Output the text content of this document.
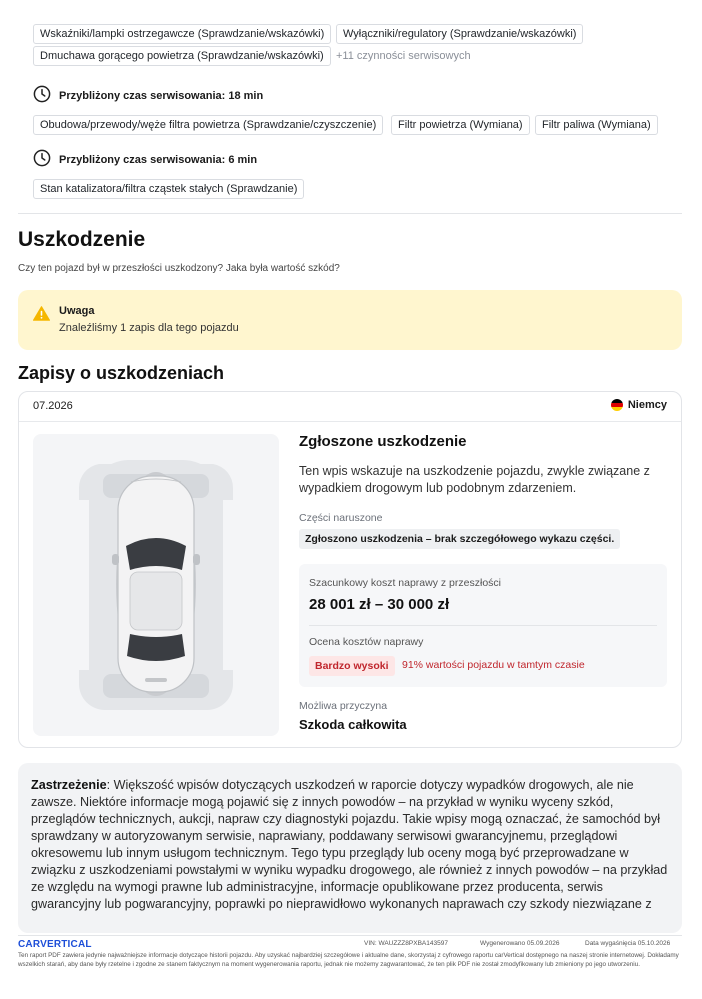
Wskaźniki/lampki ostrzegawcze (Sprawdzanie/wskazówki)	Wyłączniki/regulatory (Sprawdzanie/wskazówki)
Dmuchawa gorącego powietrza (Sprawdzanie/wskazówki)	+11 czynności serwisowych
Przybliżony czas serwisowania: 18 min
Obudowa/przewody/węże filtra powietrza (Sprawdzanie/czyszczenie)	Filtr powietrza (Wymiana)	Filtr paliwa (Wymiana)
Przybliżony czas serwisowania: 6 min
Stan katalizatora/filtra cząstek stałych (Sprawdzanie)
Uszkodzenie
Czy ten pojazd był w przeszłości uszkodzony? Jaka była wartość szkód?
Uwaga
Znaleźliśmy 1 zapis dla tego pojazdu
Zapisy o uszkodzeniach
07.2026	Niemcy
Zgłoszone uszkodzenie
Ten wpis wskazuje na uszkodzenie pojazdu, zwykle związane z wypadkiem drogowym lub podobnym zdarzeniem.
Części naruszone
Zgłoszono uszkodzenia – brak szczegółowego wykazu części.
Szacunkowy koszt naprawy z przeszłości
28 001 zł – 30 000 zł
Ocena kosztów naprawy
Bardzo wysoki	91% wartości pojazdu w tamtym czasie
Możliwa przyczyna
Szkoda całkowita

Zastrzeżenie: Większość wpisów dotyczących uszkodzeń w raporcie dotyczy wypadków drogowych, ale nie zawsze. Niektóre informacje mogą pojawić się z innych powodów – na przykład w wyniku wyceny szkód, przeglądów technicznych, aukcji, napraw czy diagnostyki pojazdu. Takie wpisy mogą oznaczać, że samochód był sprawdzany w autoryzowanym serwisie, naprawiany, poddawany serwisowi gwarancyjnemu, przeglądowi okresowemu lub innym usługom technicznym. Tego typu przeglądy lub oceny mogą być przeprowadzane w związku z uszkodzeniami powstałymi w wyniku wypadku drogowego, ale również z innych powodów – na przykład ze względu na wymogi prawne lub administracyjne, informacje opublikowane przez producenta, serwis gwarancyjny lub pogwarancyjny, poprawki po nieprawidłowo wykonanych naprawach czy szkody niezwiązane z

CARVERTICAL	VIN: WAUZZZ8PXBA143597	Wygenerowano 05.09.2026	Data wygaśnięcia 05.10.2026
Ten raport PDF zawiera jedynie najważniejsze informacje dotyczące historii pojazdu. Aby uzyskać najbardziej szczegółowe i aktualne dane, skorzystaj z cyfrowego raportu carVertical dostępnego na naszej stronie internetowej. Dokładamy wszelkich starań, aby dane były rzetelne i zgodne ze stanem faktycznym na moment wygenerowania raportu, jednak nie możemy zagwarantować, że ten plik PDF nie został zmodyfikowany lub zmieniony po jego utworzeniu.
